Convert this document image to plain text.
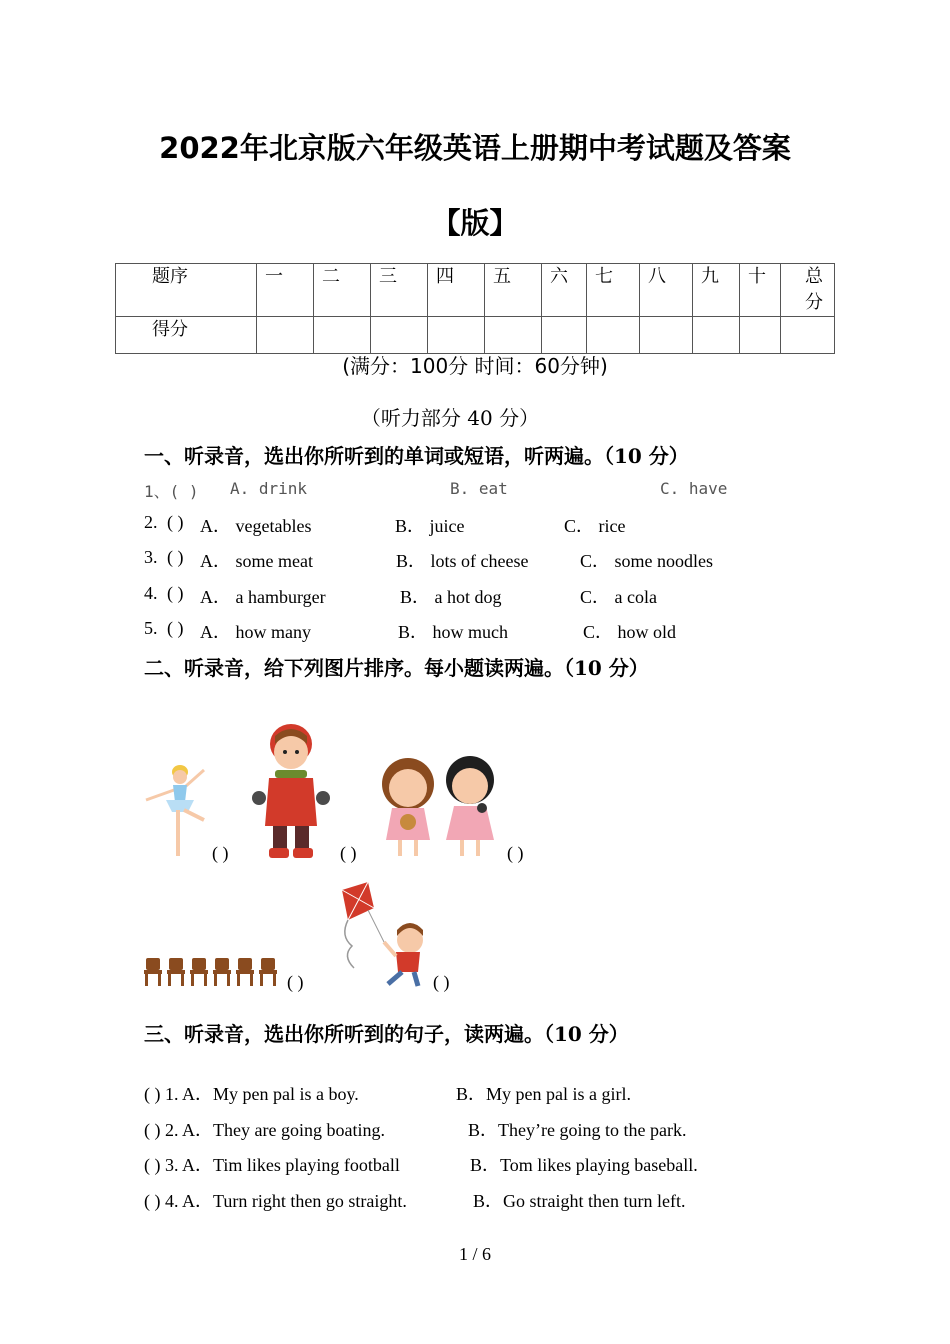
2022年北京版六年级英语上册期中考试题及答案
【版】
题序	一	二	三	四	五	六	七	八	九	十	总分
得分											
(满分：100分 时间：60分钟)
（听力部分 40 分）
一、听录音，选出你所听到的单词或短语，听两遍。（10 分）
1、( ) A. drink	B. eat	C. have
2. ( ) A． vegetables	B． juice	C． rice
3. ( ) A． some meat	B． lots of cheese	C． some noodles
4. ( ) A． a hamburger	B． a hot dog	C． a cola
5. ( ) A． how many	B． how much	C． how old
二、听录音，给下列图片排序。每小题读两遍。（10 分）
( )	( )	( )
( )	( )
三、听录音，选出你所听到的句子，读两遍。（10 分）
( ) 1. A．My pen pal is a boy.	B．My pen pal is a girl.
( ) 2. A．They are going boating.	B．They’re going to the park.
( ) 3. A．Tim likes playing football	B．Tom likes playing baseball.
( ) 4. A．Turn right then go straight.	B．Go straight then turn left.
1 / 6
